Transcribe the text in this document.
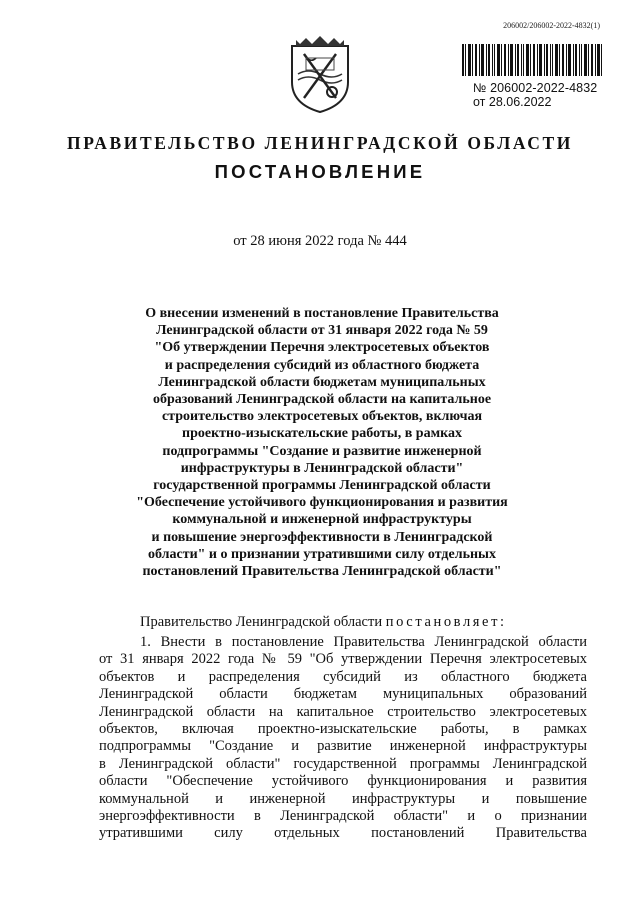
206002/206002-2022-4832(1)
№ 206002-2022-4832
от 28.06.2022
ПРАВИТЕЛЬСТВО ЛЕНИНГРАДСКОЙ ОБЛАСТИ
ПОСТАНОВЛЕНИЕ
от 28 июня 2022 года № 444
О внесении изменений в постановление Правительства
Ленинградской области от 31 января 2022 года № 59
"Об утверждении Перечня электросетевых объектов
и распределения субсидий из областного бюджета
Ленинградской области бюджетам муниципальных
образований Ленинградской области на капитальное
строительство электросетевых объектов, включая
проектно-изыскательские работы, в рамках
подпрограммы "Создание и развитие инженерной
инфраструктуры в Ленинградской области"
государственной программы Ленинградской области
"Обеспечение устойчивого функционирования и развития
коммунальной и инженерной инфраструктуры
и повышение энергоэффективности в Ленинградской
области" и о признании утратившими силу отдельных
постановлений Правительства Ленинградской области"
Правительство Ленинградской области постановляет:
1. Внести в постановление Правительства Ленинградской области
от 31 января 2022 года № 59 "Об утверждении Перечня электросетевых
объектов и распределения субсидий из областного бюджета
Ленинградской области бюджетам муниципальных образований
Ленинградской области на капитальное строительство электросетевых
объектов, включая проектно-изыскательские работы, в рамках
подпрограммы "Создание и развитие инженерной инфраструктуры
в Ленинградской области" государственной программы Ленинградской
области "Обеспечение устойчивого функционирования и развития
коммунальной и инженерной инфраструктуры и повышение
энергоэффективности в Ленинградской области" и о признании
утратившими силу отдельных постановлений Правительства
